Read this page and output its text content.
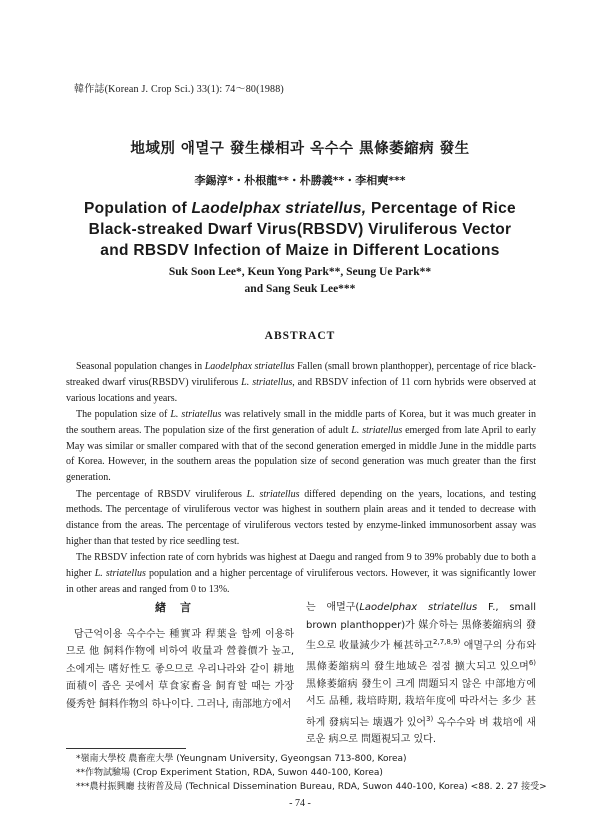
韓作誌(Korean J. Crop Sci.) 33(1): 74～80(1988)
地域別 애멸구 發生様相과 옥수수 黒條萎縮病 發生
李錫淳*・朴根龍**・朴勝義**・李相奭***
Population of Laodelphax striatellus, Percentage of Rice
Black-streaked Dwarf Virus(RBSDV) Viruliferous Vector
and RBSDV Infection of Maize in Different Locations
Suk Soon Lee*, Keun Yong Park**, Seung Ue Park**
and Sang Seuk Lee***
ABSTRACT

Seasonal population changes in Laodelphax striatellus Fallen (small brown planthopper), percentage of rice black-streaked dwarf virus(RBSDV) viruliferous L. striatellus, and RBSDV infection of 11 corn hybrids were observed at various locations and years.

The population size of L. striatellus was relatively small in the middle parts of Korea, but it was much greater in the southern areas. The population size of the first generation of adult L. striatellus emerged from late April to early May was similar or smaller compared with that of the second generation emerged in middle June in the middle parts of Korea. However, in the southern areas the population size of second generation was much greater than the first generation.

The percentage of RBSDV viruliferous L. striatellus differed depending on the years, locations, and testing methods. The percentage of viruliferous vector was highest in southern plain areas and it tended to decrease with distance from the areas. The percentage of viruliferous vectors tested by enzyme-linked immunosorbent assay was higher than that tested by rice seedling test.

The RBSDV infection rate of corn hybrids was highest at Daegu and ranged from 9 to 39% probably due to both a higher L. striatellus population and a higher percentage of viruliferous vectors. However, it was significantly lower in other areas and ranged from 0 to 13%.

緖言

담근억이용 옥수수는 種實과 稈葉을 함께 이용하므로 他 飼料作物에 비하여 收量과 營養價가 높고, 소에게는 嗜好性도 좋으므로 우리나라와 같이 耕地面積이 좁은 곳에서 草食家畜을 飼育할 때는 가장 優秀한 飼料作物의 하나이다. 그러나, 南部地方에서

는 애멸구(Laodelphax striatellus F., small brown planthopper)가 媒介하는 黒條萎縮病의 發生으로 收量減少가 極甚하고$^{2,7,8,9)}$ 애멸구의 分布와 黒條萎縮病의 發生地域은 점점 擴大되고 있으며$^{6)}$ 黒條萎縮病 發生이 크게 問題되지 않은 中部地方에서도 品種, 栽培時期, 栽培年度에 따라서는 多少 甚하게 發病되는 壊遇가 있어$^{3)}$ 옥수수와 벼 栽培에 새로운 病으로 問題視되고 있다.

*嶺南大學校 農畜産大學 (Yeungnam University, Gyeongsan 713-800, Korea)
**作物試驗場 (Crop Experiment Station, RDA, Suwon 440-100, Korea)
***農村振興廳 技術普及局 (Technical Dissemination Bureau, RDA, Suwon 440-100, Korea) <88. 2. 27 接受>
- 74 -
